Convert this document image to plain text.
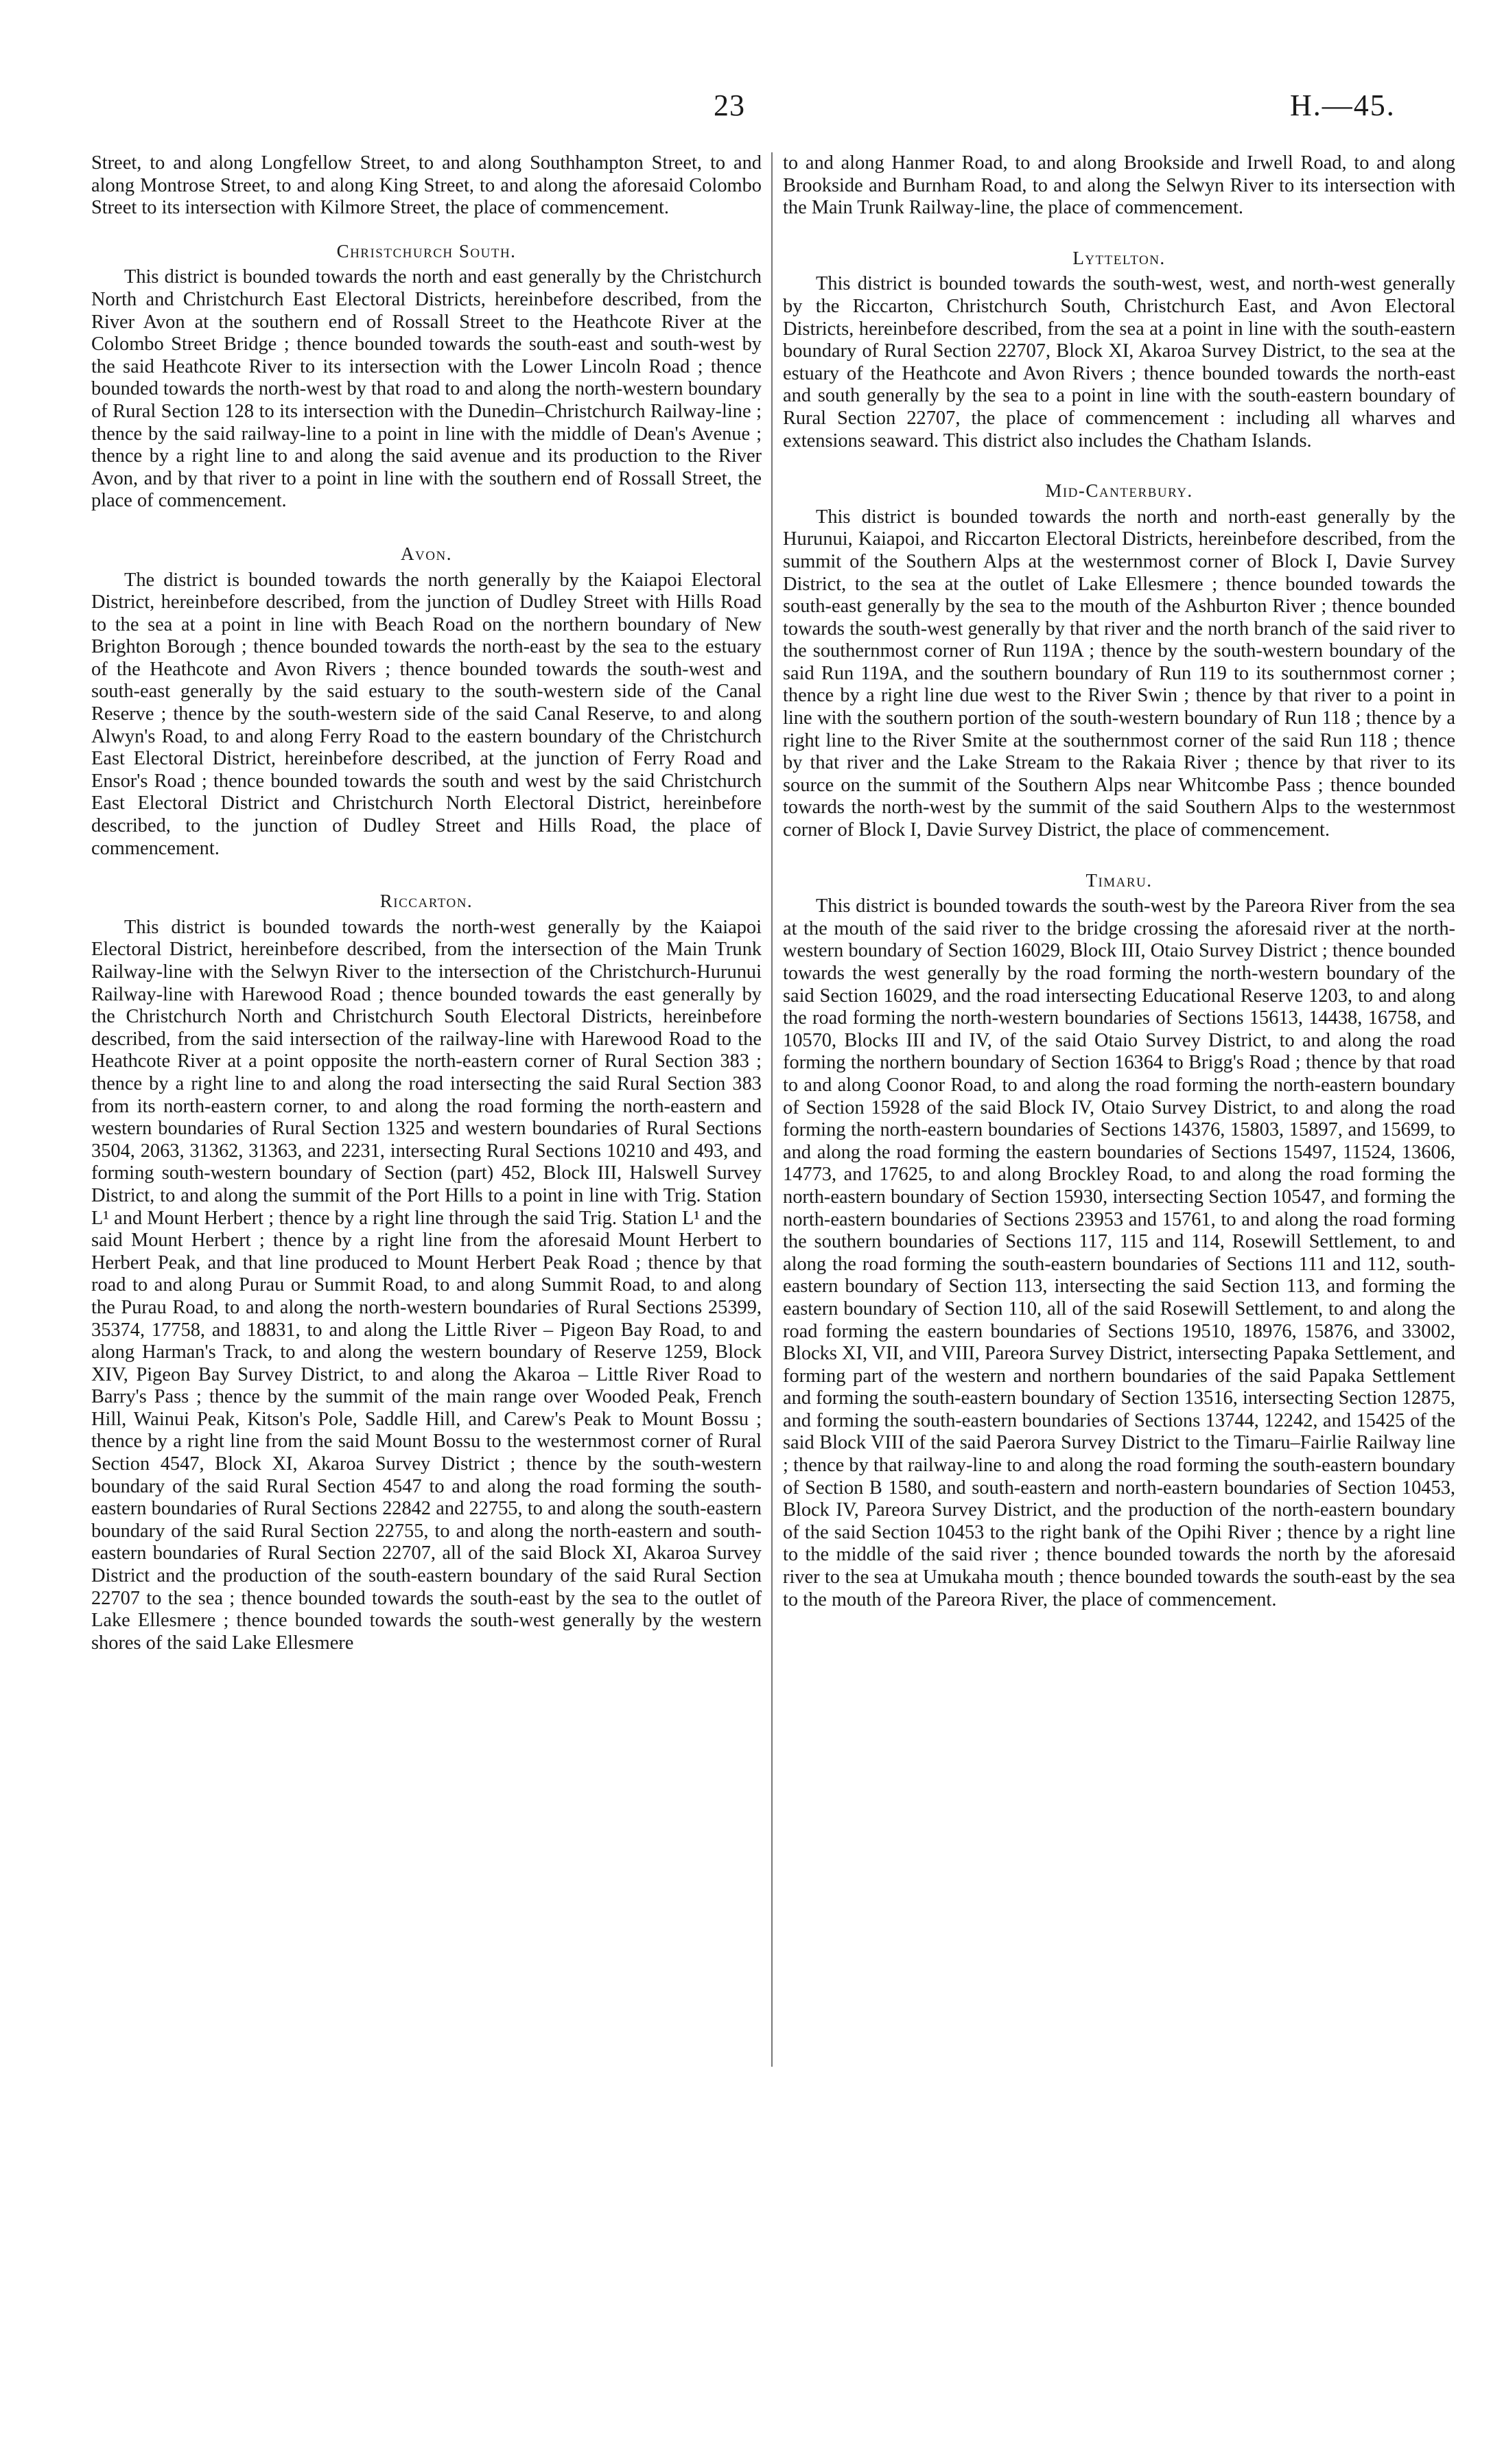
23	H.—45.

Street, to and along Longfellow Street, to and along Southhampton Street, to and along Montrose Street, to and along King Street, to and along the aforesaid Colombo Street to its intersection with Kilmore Street, the place of commencement.

Christchurch South.

This district is bounded towards the north and east generally by the Christchurch North and Christchurch East Electoral Districts, hereinbefore described, from the River Avon at the southern end of Rossall Street to the Heathcote River at the Colombo Street Bridge ; thence bounded towards the south-east and south-west by the said Heathcote River to its intersection with the Lower Lincoln Road ; thence bounded towards the north-west by that road to and along the north-western boundary of Rural Section 128 to its intersection with the Dunedin–Christchurch Railway-line ; thence by the said railway-line to a point in line with the middle of Dean's Avenue ; thence by a right line to and along the said avenue and its production to the River Avon, and by that river to a point in line with the southern end of Rossall Street, the place of commencement.

Avon.

The district is bounded towards the north generally by the Kaiapoi Electoral District, hereinbefore described, from the junction of Dudley Street with Hills Road to the sea at a point in line with Beach Road on the northern boundary of New Brighton Borough ; thence bounded towards the north-east by the sea to the estuary of the Heathcote and Avon Rivers ; thence bounded towards the south-west and south-east generally by the said estuary to the south-western side of the Canal Reserve ; thence by the south-western side of the said Canal Reserve, to and along Alwyn's Road, to and along Ferry Road to the eastern boundary of the Christchurch East Electoral District, hereinbefore described, at the junction of Ferry Road and Ensor's Road ; thence bounded towards the south and west by the said Christchurch East Electoral District and Christchurch North Electoral District, hereinbefore described, to the junction of Dudley Street and Hills Road, the place of commencement.

Riccarton.

This district is bounded towards the north-west generally by the Kaiapoi Electoral District, hereinbefore described, from the intersection of the Main Trunk Railway-line with the Selwyn River to the intersection of the Christchurch-Hurunui Railway-line with Harewood Road ; thence bounded towards the east generally by the Christchurch North and Christchurch South Electoral Districts, hereinbefore described, from the said intersection of the railway-line with Harewood Road to the Heathcote River at a point opposite the north-eastern corner of Rural Section 383 ; thence by a right line to and along the road intersecting the said Rural Section 383 from its north-eastern corner, to and along the road forming the north-eastern and western boundaries of Rural Section 1325 and western boundaries of Rural Sections 3504, 2063, 31362, 31363, and 2231, intersecting Rural Sections 10210 and 493, and forming south-western boundary of Section (part) 452, Block III, Halswell Survey District, to and along the summit of the Port Hills to a point in line with Trig. Station L¹ and Mount Herbert ; thence by a right line through the said Trig. Station L¹ and the said Mount Herbert ; thence by a right line from the aforesaid Mount Herbert to Herbert Peak, and that line produced to Mount Herbert Peak Road ; thence by that road to and along Purau or Summit Road, to and along Summit Road, to and along the Purau Road, to and along the north-western boundaries of Rural Sections 25399, 35374, 17758, and 18831, to and along the Little River – Pigeon Bay Road, to and along Harman's Track, to and along the western boundary of Reserve 1259, Block XIV, Pigeon Bay Survey District, to and along the Akaroa – Little River Road to Barry's Pass ; thence by the summit of the main range over Wooded Peak, French Hill, Wainui Peak, Kitson's Pole, Saddle Hill, and Carew's Peak to Mount Bossu ; thence by a right line from the said Mount Bossu to the westernmost corner of Rural Section 4547, Block XI, Akaroa Survey District ; thence by the south-western boundary of the said Rural Section 4547 to and along the road forming the south-eastern boundaries of Rural Sections 22842 and 22755, to and along the south-eastern boundary of the said Rural Section 22755, to and along the north-eastern and south-eastern boundaries of Rural Section 22707, all of the said Block XI, Akaroa Survey District and the production of the south-eastern boundary of the said Rural Section 22707 to the sea ; thence bounded towards the south-east by the sea to the outlet of Lake Ellesmere ; thence bounded towards the south-west generally by the western shores of the said Lake Ellesmere

to and along Hanmer Road, to and along Brookside and Irwell Road, to and along Brookside and Burnham Road, to and along the Selwyn River to its intersection with the Main Trunk Railway-line, the place of commencement.

Lyttelton.

This district is bounded towards the south-west, west, and north-west generally by the Riccarton, Christchurch South, Christchurch East, and Avon Electoral Districts, hereinbefore described, from the sea at a point in line with the south-eastern boundary of Rural Section 22707, Block XI, Akaroa Survey District, to the sea at the estuary of the Heathcote and Avon Rivers ; thence bounded towards the north-east and south generally by the sea to a point in line with the south-eastern boundary of Rural Section 22707, the place of commencement : including all wharves and extensions seaward. This district also includes the Chatham Islands.

Mid-Canterbury.

This district is bounded towards the north and north-east generally by the Hurunui, Kaiapoi, and Riccarton Electoral Districts, hereinbefore described, from the summit of the Southern Alps at the westernmost corner of Block I, Davie Survey District, to the sea at the outlet of Lake Ellesmere ; thence bounded towards the south-east generally by the sea to the mouth of the Ashburton River ; thence bounded towards the south-west generally by that river and the north branch of the said river to the southernmost corner of Run 119A ; thence by the south-western boundary of the said Run 119A, and the southern boundary of Run 119 to its southernmost corner ; thence by a right line due west to the River Swin ; thence by that river to a point in line with the southern portion of the south-western boundary of Run 118 ; thence by a right line to the River Smite at the southernmost corner of the said Run 118 ; thence by that river and the Lake Stream to the Rakaia River ; thence by that river to its source on the summit of the Southern Alps near Whitcombe Pass ; thence bounded towards the north-west by the summit of the said Southern Alps to the westernmost corner of Block I, Davie Survey District, the place of commencement.

Timaru.

This district is bounded towards the south-west by the Pareora River from the sea at the mouth of the said river to the bridge crossing the aforesaid river at the north-western boundary of Section 16029, Block III, Otaio Survey District ; thence bounded towards the west generally by the road forming the north-western boundary of the said Section 16029, and the road intersecting Educational Reserve 1203, to and along the road forming the north-western boundaries of Sections 15613, 14438, 16758, and 10570, Blocks III and IV, of the said Otaio Survey District, to and along the road forming the northern boundary of Section 16364 to Brigg's Road ; thence by that road to and along Coonor Road, to and along the road forming the north-eastern boundary of Section 15928 of the said Block IV, Otaio Survey District, to and along the road forming the north-eastern boundaries of Sections 14376, 15803, 15897, and 15699, to and along the road forming the eastern boundaries of Sections 15497, 11524, 13606, 14773, and 17625, to and along Brockley Road, to and along the road forming the north-eastern boundary of Section 15930, intersecting Section 10547, and forming the north-eastern boundaries of Sections 23953 and 15761, to and along the road forming the southern boundaries of Sections 117, 115 and 114, Rosewill Settlement, to and along the road forming the south-eastern boundaries of Sections 111 and 112, south-eastern boundary of Section 113, intersecting the said Section 113, and forming the eastern boundary of Section 110, all of the said Rosewill Settlement, to and along the road forming the eastern boundaries of Sections 19510, 18976, 15876, and 33002, Blocks XI, VII, and VIII, Pareora Survey District, intersecting Papaka Settlement, and forming part of the western and northern boundaries of the said Papaka Settlement and forming the south-eastern boundary of Section 13516, intersecting Section 12875, and forming the south-eastern boundaries of Sections 13744, 12242, and 15425 of the said Block VIII of the said Paerora Survey District to the Timaru–Fairlie Railway line ; thence by that railway-line to and along the road forming the south-eastern boundary of Section B 1580, and south-eastern and north-eastern boundaries of Section 10453, Block IV, Pareora Survey District, and the production of the north-eastern boundary of the said Section 10453 to the right bank of the Opihi River ; thence by a right line to the middle of the said river ; thence bounded towards the north by the aforesaid river to the sea at Umukaha mouth ; thence bounded towards the south-east by the sea to the mouth of the Pareora River, the place of commencement.
